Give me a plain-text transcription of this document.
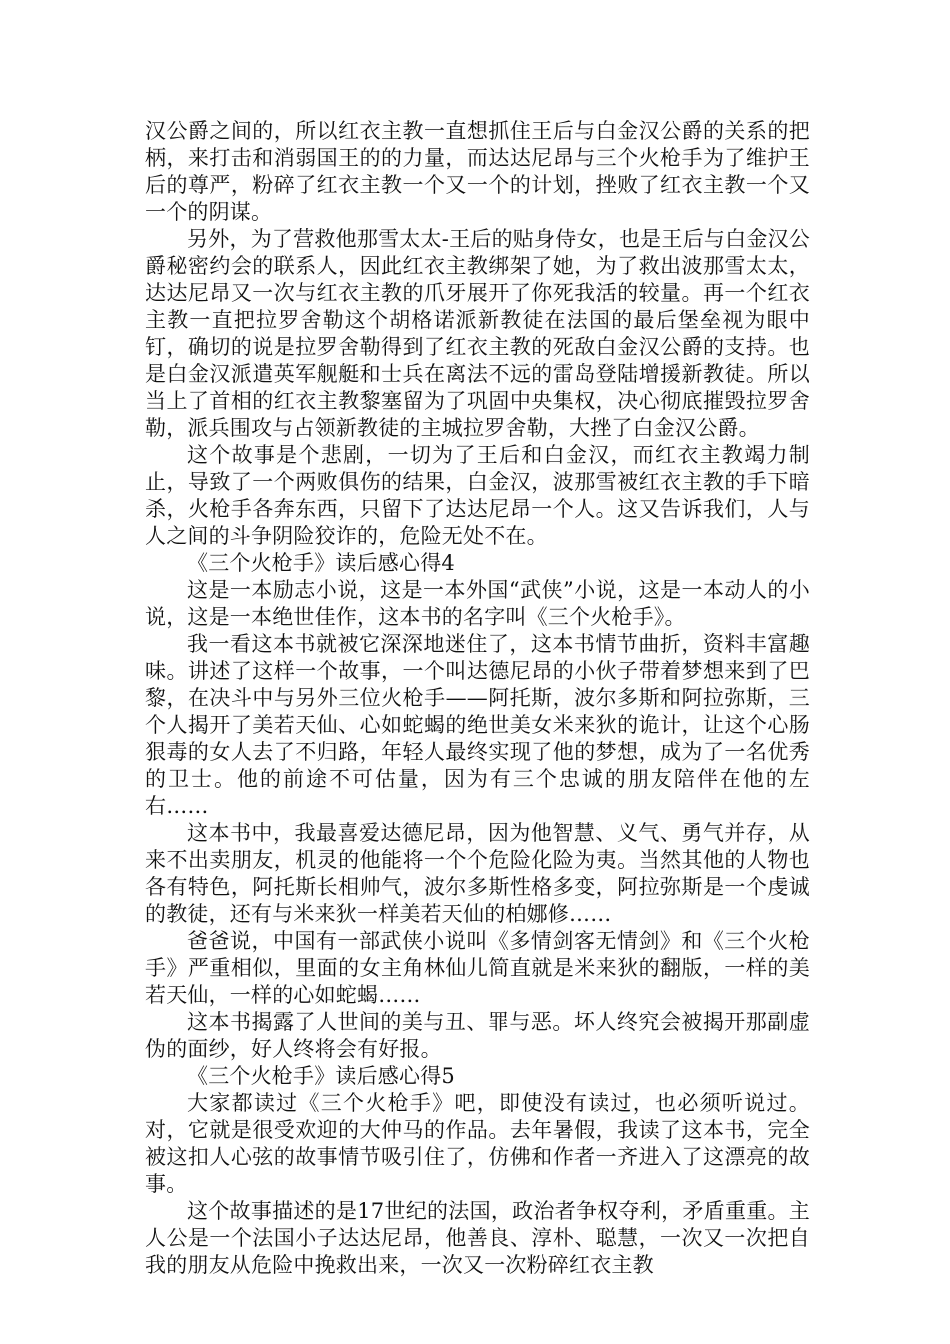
汉公爵之间的，所以红衣主教一直想抓住王后与白金汉公爵的关系的把柄，来打击和消弱国王的的力量，而达达尼昂与三个火枪手为了维护王后的尊严，粉碎了红衣主教一个又一个的计划，挫败了红衣主教一个又一个的阴谋。

另外，为了营救他那雪太太-王后的贴身侍女，也是王后与白金汉公爵秘密约会的联系人，因此红衣主教绑架了她，为了救出波那雪太太，达达尼昂又一次与红衣主教的爪牙展开了你死我活的较量。再一个红衣主教一直把拉罗舍勒这个胡格诺派新教徒在法国的最后堡垒视为眼中钉，确切的说是拉罗舍勒得到了红衣主教的死敌白金汉公爵的支持。也是白金汉派遣英军舰艇和士兵在离法不远的雷岛登陆增援新教徒。所以当上了首相的红衣主教黎塞留为了巩固中央集权，决心彻底摧毁拉罗舍勒，派兵围攻与占领新教徒的主城拉罗舍勒，大挫了白金汉公爵。

这个故事是个悲剧，一切为了王后和白金汉，而红衣主教竭力制止，导致了一个两败俱伤的结果，白金汉，波那雪被红衣主教的手下暗杀，火枪手各奔东西，只留下了达达尼昂一个人。这又告诉我们，人与人之间的斗争阴险狡诈的，危险无处不在。

《三个火枪手》读后感心得4

这是一本励志小说，这是一本外国“武侠”小说，这是一本动人的小说，这是一本绝世佳作，这本书的名字叫《三个火枪手》。

我一看这本书就被它深深地迷住了，这本书情节曲折，资料丰富趣味。讲述了这样一个故事，一个叫达德尼昂的小伙子带着梦想来到了巴黎，在决斗中与另外三位火枪手——阿托斯，波尔多斯和阿拉弥斯，三个人揭开了美若天仙、心如蛇蝎的绝世美女米来狄的诡计，让这个心肠狠毒的女人去了不归路，年轻人最终实现了他的梦想，成为了一名优秀的卫士。他的前途不可估量，因为有三个忠诚的朋友陪伴在他的左右……

这本书中，我最喜爱达德尼昂，因为他智慧、义气、勇气并存，从来不出卖朋友，机灵的他能将一个个危险化险为夷。当然其他的人物也各有特色，阿托斯长相帅气，波尔多斯性格多变，阿拉弥斯是一个虔诚的教徒，还有与米来狄一样美若天仙的柏娜修……

爸爸说，中国有一部武侠小说叫《多情剑客无情剑》和《三个火枪手》严重相似，里面的女主角林仙儿简直就是米来狄的翻版，一样的美若天仙，一样的心如蛇蝎……

这本书揭露了人世间的美与丑、罪与恶。坏人终究会被揭开那副虚伪的面纱，好人终将会有好报。

《三个火枪手》读后感心得5

大家都读过《三个火枪手》吧，即使没有读过，也必须听说过。对，它就是很受欢迎的大仲马的作品。去年暑假，我读了这本书，完全被这扣人心弦的故事情节吸引住了，仿佛和作者一齐进入了这漂亮的故事。

这个故事描述的是17世纪的法国，政治者争权夺利，矛盾重重。主人公是一个法国小子达达尼昂，他善良、淳朴、聪慧，一次又一次把自我的朋友从危险中挽救出来，一次又一次粉碎红衣主教
